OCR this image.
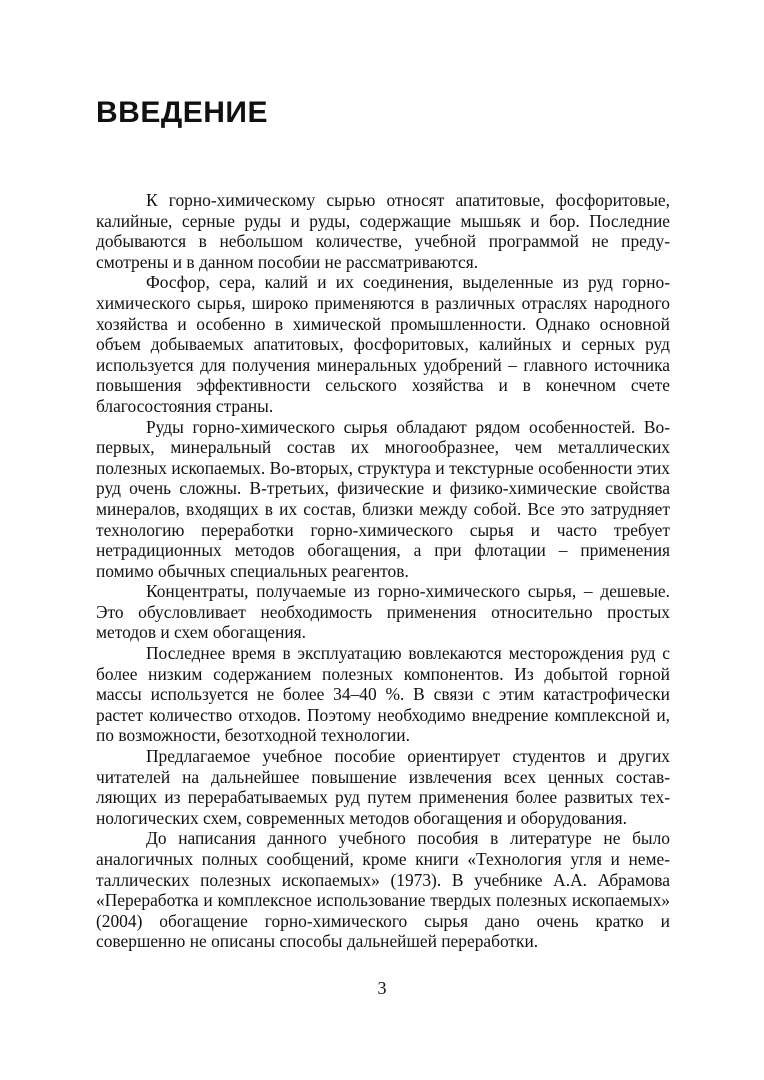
ВВЕДЕНИЕ

К горно-химическому сырью относят апатитовые, фосфоритовые, калийные, серные руды и руды, содержащие мышьяк и бор. Последние добываются в небольшом количестве, учебной программой не предусмотрены и в данном пособии не рассматриваются.

Фосфор, сера, калий и их соединения, выделенные из руд горнохимического сырья, широко применяются в различных отраслях народного хозяйства и особенно в химической промышленности. Однако основной объем добываемых апатитовых, фосфоритовых, калийных и серных руд используется для получения минеральных удобрений – главного источника повышения эффективности сельского хозяйства и в конечном счете благосостояния страны.

Руды горно-химического сырья обладают рядом особенностей. Во-первых, минеральный состав их многообразнее, чем металлических полезных ископаемых. Во-вторых, структура и текстурные особенности этих руд очень сложны. В-третьих, физические и физико-химические свойства минералов, входящих в их состав, близки между собой. Все это затрудняет технологию переработки горно-химического сырья и часто требует нетрадиционных методов обогащения, а при флотации – применения помимо обычных специальных реагентов.

Концентраты, получаемые из горно-химического сырья, – дешевые. Это обусловливает необходимость применения относительно простых методов и схем обогащения.

Последнее время в эксплуатацию вовлекаются месторождения руд с более низким содержанием полезных компонентов. Из добытой горной массы используется не более 34–40 %. В связи с этим катастрофически растет количество отходов. Поэтому необходимо внедрение комплексной и, по возможности, безотходной технологии.

Предлагаемое учебное пособие ориентирует студентов и других читателей на дальнейшее повышение извлечения всех ценных составляющих из перерабатываемых руд путем применения более развитых технологических схем, современных методов обогащения и оборудования.

До написания данного учебного пособия в литературе не было аналогичных полных сообщений, кроме книги «Технология угля и неметаллических полезных ископаемых» (1973). В учебнике А.А. Абрамова «Переработка и комплексное использование твердых полезных ископаемых» (2004) обогащение горно-химического сырья дано очень кратко и совершенно не описаны способы дальнейшей переработки.

3
